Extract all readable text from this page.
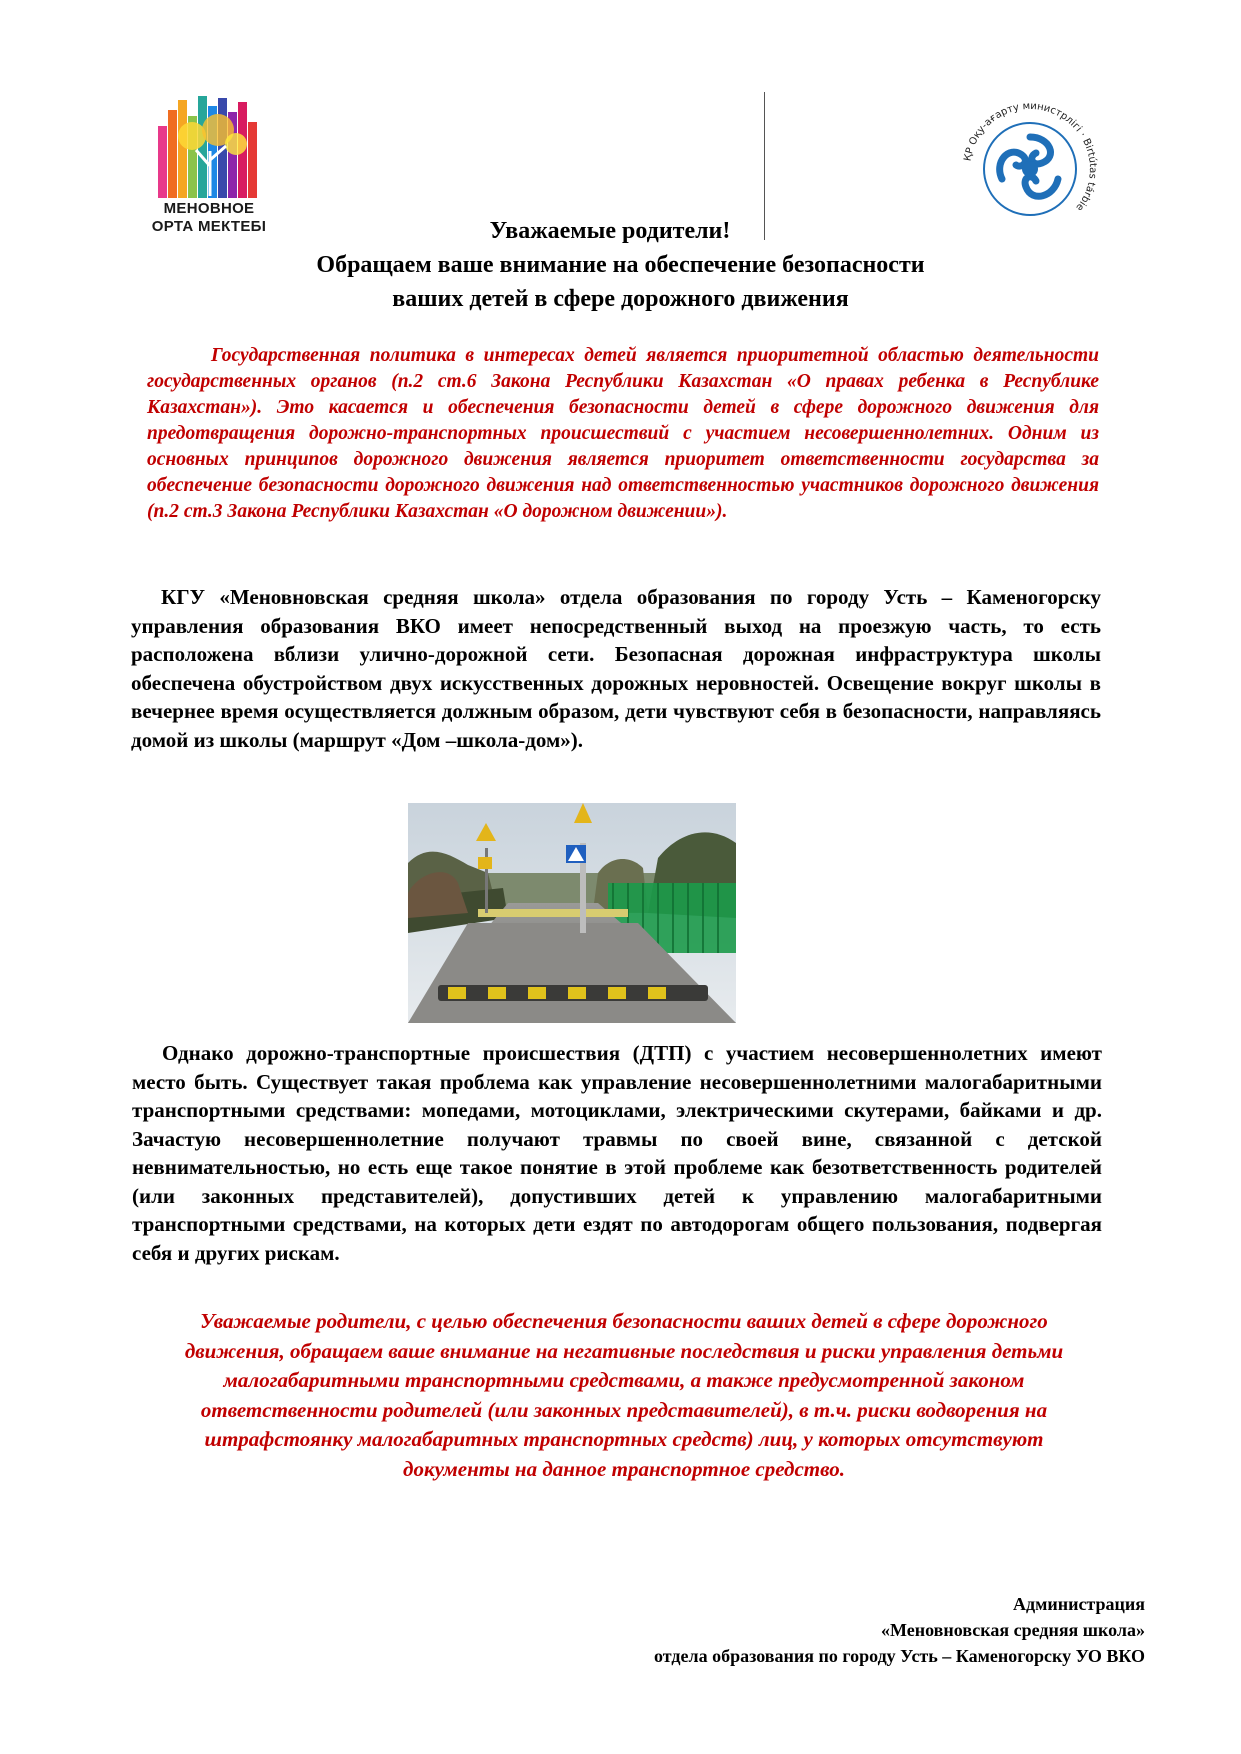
МЕНОВНОЕ
ОРТА МЕКТЕБІ
ҚР Оқу-ағарту министрлігі · Birtútas tárbie
Уважаемые родители!
Обращаем ваше внимание на обеспечение безопасности
ваших детей в сфере дорожного движения
Государственная политика в интересах детей является приоритетной областью деятельности государственных органов (п.2 ст.6 Закона Республики Казахстан «О правах ребенка в Республике Казахстан»). Это касается и обеспечения безопасности детей в сфере дорожного движения для предотвращения дорожно-транспортных происшествий с участием несовершеннолетних. Одним из основных принципов дорожного движения является приоритет ответственности государства за обеспечение безопасности дорожного движения над ответственностью участников дорожного движения (п.2 ст.3 Закона Республики Казахстан «О дорожном движении»).
КГУ «Меновновская средняя школа» отдела образования по городу Усть – Каменогорску управления образования ВКО имеет непосредственный выход на проезжую часть, то есть расположена вблизи улично-дорожной сети. Безопасная дорожная инфраструктура школы обеспечена обустройством двух искусственных дорожных неровностей. Освещение вокруг школы в вечернее время осуществляется должным образом, дети чувствуют себя в безопасности, направляясь домой из школы (маршрут «Дом –школа-дом»).
Однако дорожно-транспортные происшествия (ДТП) с участием несовершеннолетних имеют место быть. Существует такая проблема как управление несовершеннолетними малогабаритными транспортными средствами: мопедами, мотоциклами, электрическими скутерами, байками и др. Зачастую несовершеннолетние получают травмы по своей вине, связанной с детской невнимательностью, но есть еще такое понятие в этой проблеме как безответственность родителей (или законных представителей), допустивших детей к управлению малогабаритными транспортными средствами, на которых дети ездят по автодорогам общего пользования, подвергая себя и других рискам.
Уважаемые родители, с целью обеспечения безопасности ваших детей в сфере дорожного движения, обращаем ваше внимание на негативные последствия и риски управления детьми малогабаритными транспортными средствами, а также предусмотренной законом ответственности родителей (или законных представителей), в т.ч. риски водворения на штрафстоянку малогабаритных транспортных средств) лиц, у которых отсутствуют документы на данное транспортное средство.
Администрация
«Меновновская средняя школа»
отдела образования по городу Усть – Каменогорску УО ВКО
